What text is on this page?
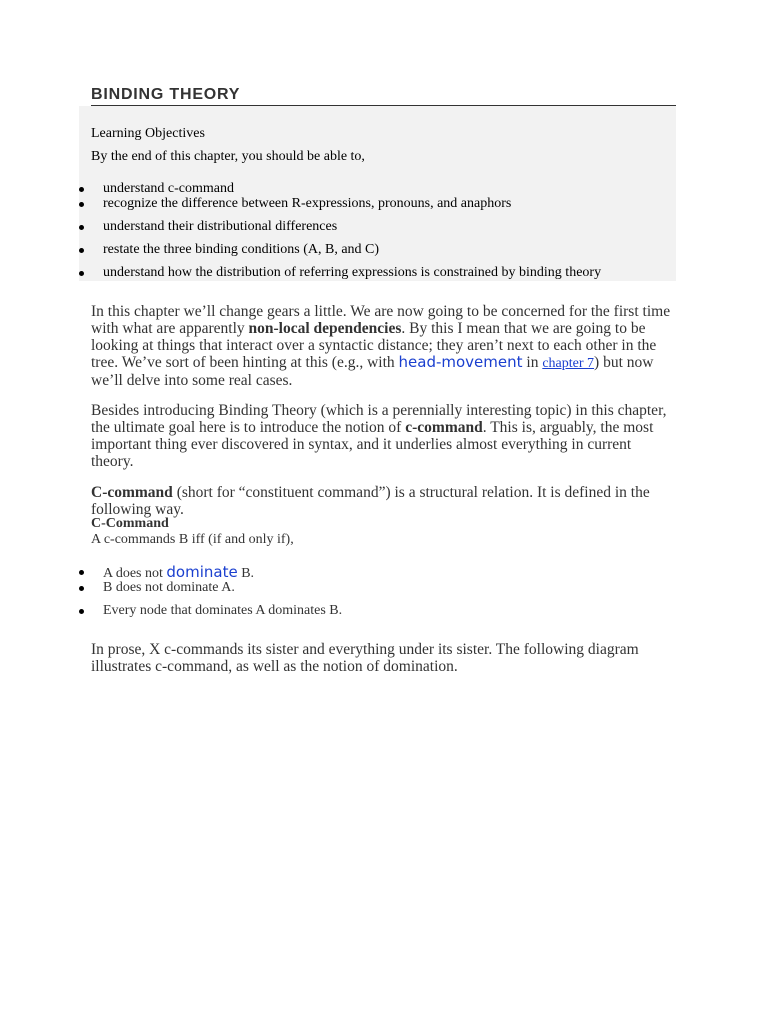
BINDING THEORY
Learning Objectives
By the end of this chapter, you should be able to,
understand c-command
recognize the difference between R-expressions, pronouns, and anaphors
understand their distributional differences
restate the three binding conditions (A, B, and C)
understand how the distribution of referring expressions is constrained by binding theory

In this chapter we’ll change gears a little. We are now going to be concerned for the first time with what are apparently non-local dependencies. By this I mean that we are going to be looking at things that interact over a syntactic distance; they aren’t next to each other in the tree. We’ve sort of been hinting at this (e.g., with head-movement in chapter 7) but now we’ll delve into some real cases.

Besides introducing Binding Theory (which is a perennially interesting topic) in this chapter, the ultimate goal here is to introduce the notion of c-command. This is, arguably, the most important thing ever discovered in syntax, and it underlies almost everything in current theory.

C-command (short for “constituent command”) is a structural relation. It is defined in the following way.

C-Command
A c-commands B iff (if and only if),
A does not dominate B.
B does not dominate A.
Every node that dominates A dominates B.

In prose, X c-commands its sister and everything under its sister. The following diagram illustrates c-command, as well as the notion of domination.
